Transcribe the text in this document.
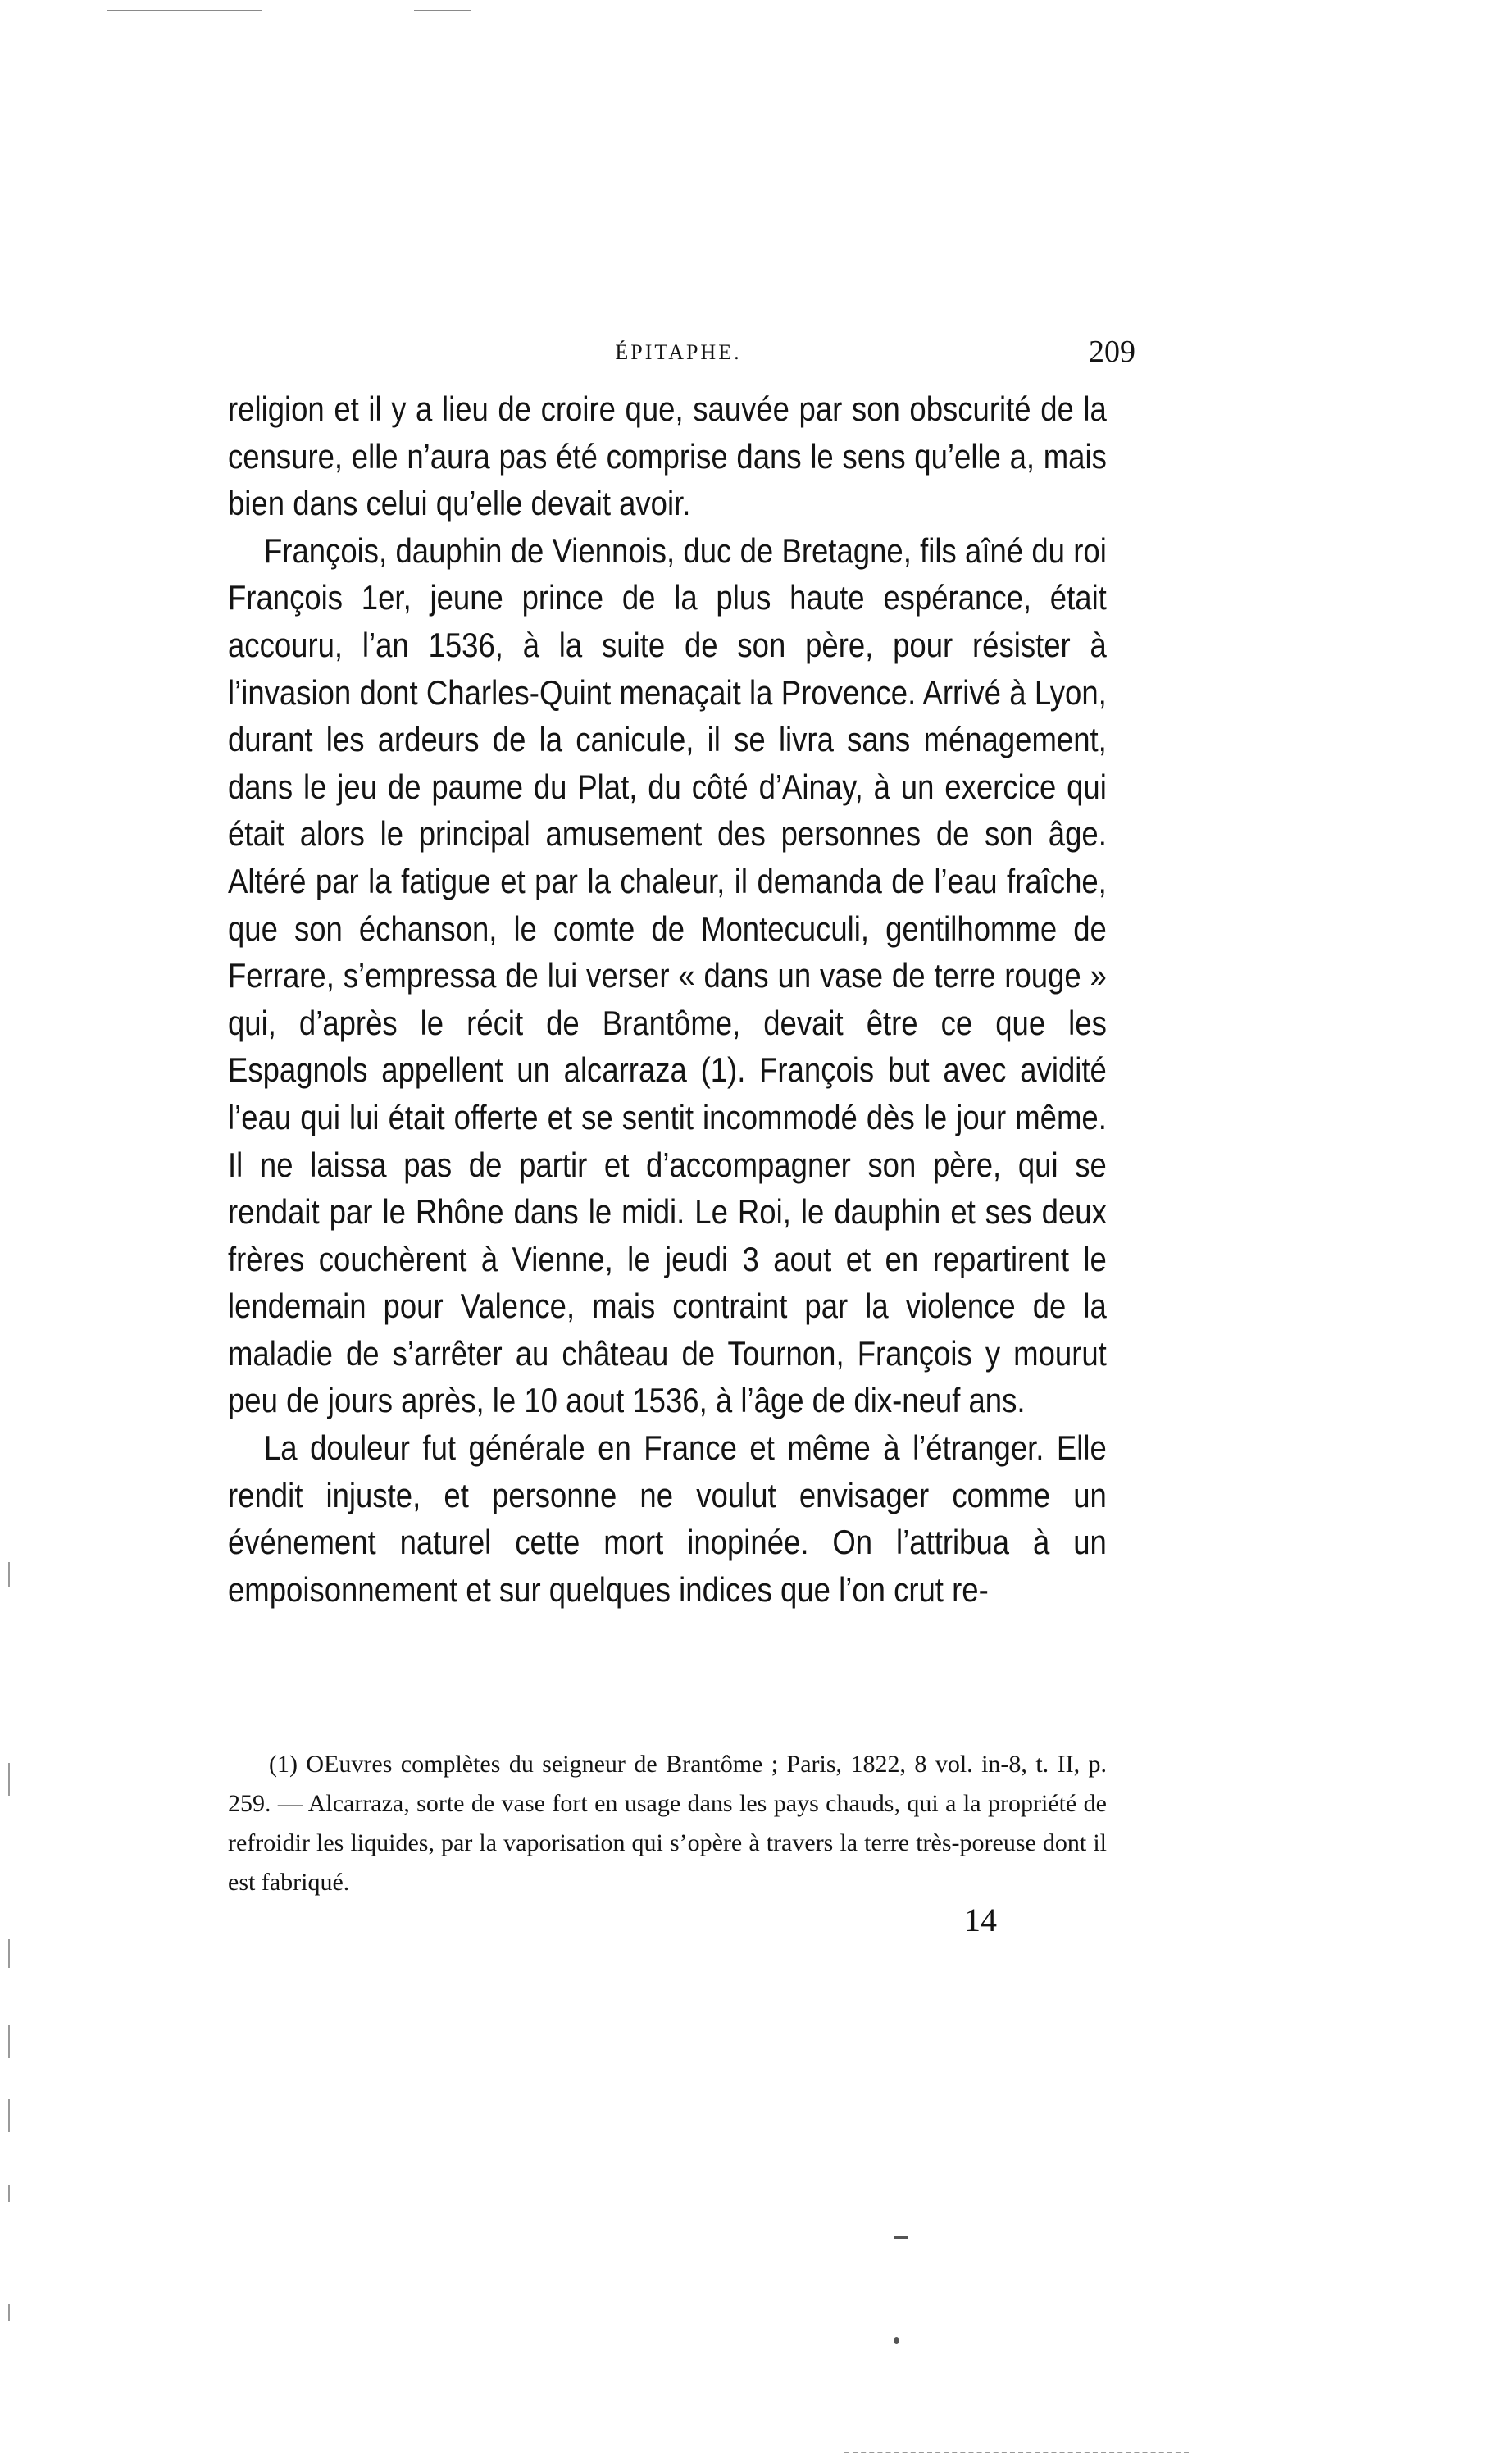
ÉPITAPHE.	209

religion et il y a lieu de croire que, sauvée par son obscurité de la censure, elle n’aura pas été comprise dans le sens qu’elle a, mais bien dans celui qu’elle devait avoir.

François, dauphin de Viennois, duc de Bretagne, fils aîné du roi François 1er, jeune prince de la plus haute espérance, était accouru, l’an 1536, à la suite de son père, pour résister à l’invasion dont Charles-Quint menaçait la Provence. Arrivé à Lyon, durant les ardeurs de la canicule, il se livra sans ménagement, dans le jeu de paume du Plat, du côté d’Ainay, à un exercice qui était alors le principal amusement des personnes de son âge. Altéré par la fatigue et par la chaleur, il demanda de l’eau fraîche, que son échanson, le comte de Montecuculi, gentilhomme de Ferrare, s’empressa de lui verser « dans un vase de terre rouge » qui, d’après le récit de Brantôme, devait être ce que les Espagnols appellent un alcarraza (1). François but avec avidité l’eau qui lui était offerte et se sentit incommodé dès le jour même. Il ne laissa pas de partir et d’accompagner son père, qui se rendait par le Rhône dans le midi. Le Roi, le dauphin et ses deux frères couchèrent à Vienne, le jeudi 3 aout et en repartirent le lendemain pour Valence, mais contraint par la violence de la maladie de s’arrêter au château de Tournon, François y mourut peu de jours après, le 10 aout 1536, à l’âge de dix-neuf ans.

La douleur fut générale en France et même à l’étranger. Elle rendit injuste, et personne ne voulut envisager comme un événement naturel cette mort inopinée. On l’attribua à un empoisonnement et sur quelques indices que l’on crut re-

(1) OEuvres complètes du seigneur de Brantôme ; Paris, 1822, 8 vol. in-8, t. II, p. 259. — Alcarraza, sorte de vase fort en usage dans les pays chauds, qui a la propriété de refroidir les liquides, par la vaporisation qui s’opère à travers la terre très-poreuse dont il est fabriqué.

14
